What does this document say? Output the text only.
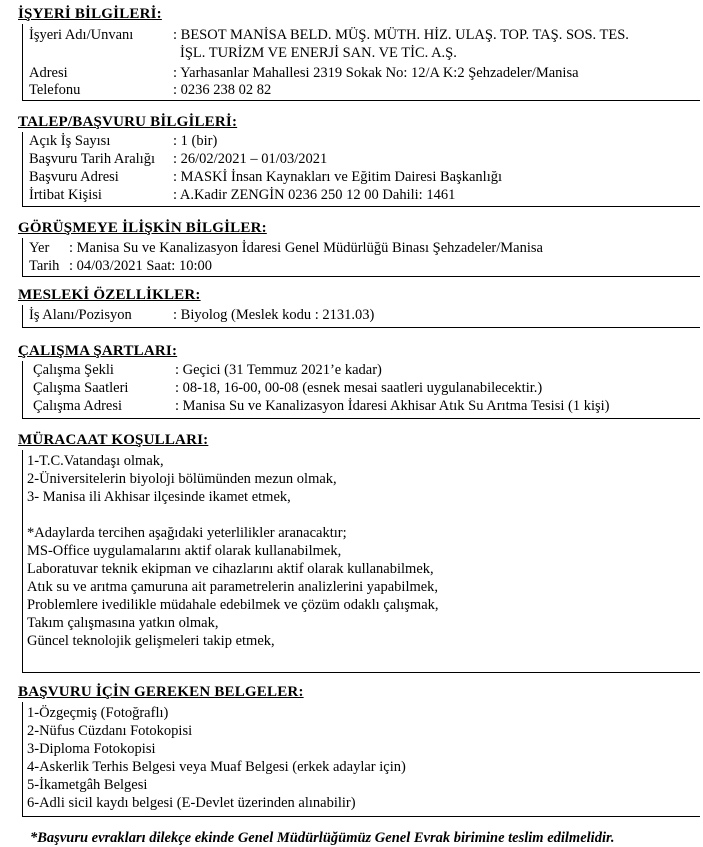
İŞYERİ BİLGİLERİ:
İşyeri Adı/Unvanı	: BESOT MANİSA BELD. MÜŞ. MÜTH. HİZ. ULAŞ. TOP. TAŞ. SOS. TES.
İŞL. TURİZM VE ENERJİ SAN. VE TİC. A.Ş.
Adresi	: Yarhasanlar Mahallesi 2319 Sokak No: 12/A K:2 Şehzadeler/Manisa
Telefonu	: 0236 238 02 82
TALEP/BAŞVURU BİLGİLERİ:
Açık İş Sayısı	: 1 (bir)
Başvuru Tarih Aralığı : 26/02/2021 – 01/03/2021
Başvuru Adresi	: MASKİ İnsan Kaynakları ve Eğitim Dairesi Başkanlığı
İrtibat Kişisi	: A.Kadir ZENGİN 0236 250 12 00 Dahili: 1461
GÖRÜŞMEYE İLİŞKİN BİLGİLER:
Yer : Manisa Su ve Kanalizasyon İdaresi Genel Müdürlüğü Binası Şehzadeler/Manisa
Tarih : 04/03/2021 Saat: 10:00
MESLEKİ ÖZELLİKLER:
İş Alanı/Pozisyon	: Biyolog (Meslek kodu : 2131.03)
ÇALIŞMA ŞARTLARI:
Çalışma Şekli	: Geçici (31 Temmuz 2021’e kadar)
Çalışma Saatleri	: 08-18, 16-00, 00-08 (esnek mesai saatleri uygulanabilecektir.)
Çalışma Adresi	: Manisa Su ve Kanalizasyon İdaresi Akhisar Atık Su Arıtma Tesisi (1 kişi)
MÜRACAAT KOŞULLARI:
1-T.C.Vatandaşı olmak,
2-Üniversitelerin biyoloji bölümünden mezun olmak,
3- Manisa ili Akhisar ilçesinde ikamet etmek,
*Adaylarda tercihen aşağıdaki yeterlilikler aranacaktır;
MS-Office uygulamalarını aktif olarak kullanabilmek,
Laboratuvar teknik ekipman ve cihazlarını aktif olarak kullanabilmek,
Atık su ve arıtma çamuruna ait parametrelerin analizlerini yapabilmek,
Problemlere ivedilikle müdahale edebilmek ve çözüm odaklı çalışmak,
Takım çalışmasına yatkın olmak,
Güncel teknolojik gelişmeleri takip etmek,
BAŞVURU İÇİN GEREKEN BELGELER:
1-Özgeçmiş (Fotoğraflı)
2-Nüfus Cüzdanı Fotokopisi
3-Diploma Fotokopisi
4-Askerlik Terhis Belgesi veya Muaf Belgesi (erkek adaylar için)
5-İkametgâh Belgesi
6-Adli sicil kaydı belgesi (E-Devlet üzerinden alınabilir)
*Başvuru evrakları dilekçe ekinde Genel Müdürlüğümüz Genel Evrak birimine teslim edilmelidir.
